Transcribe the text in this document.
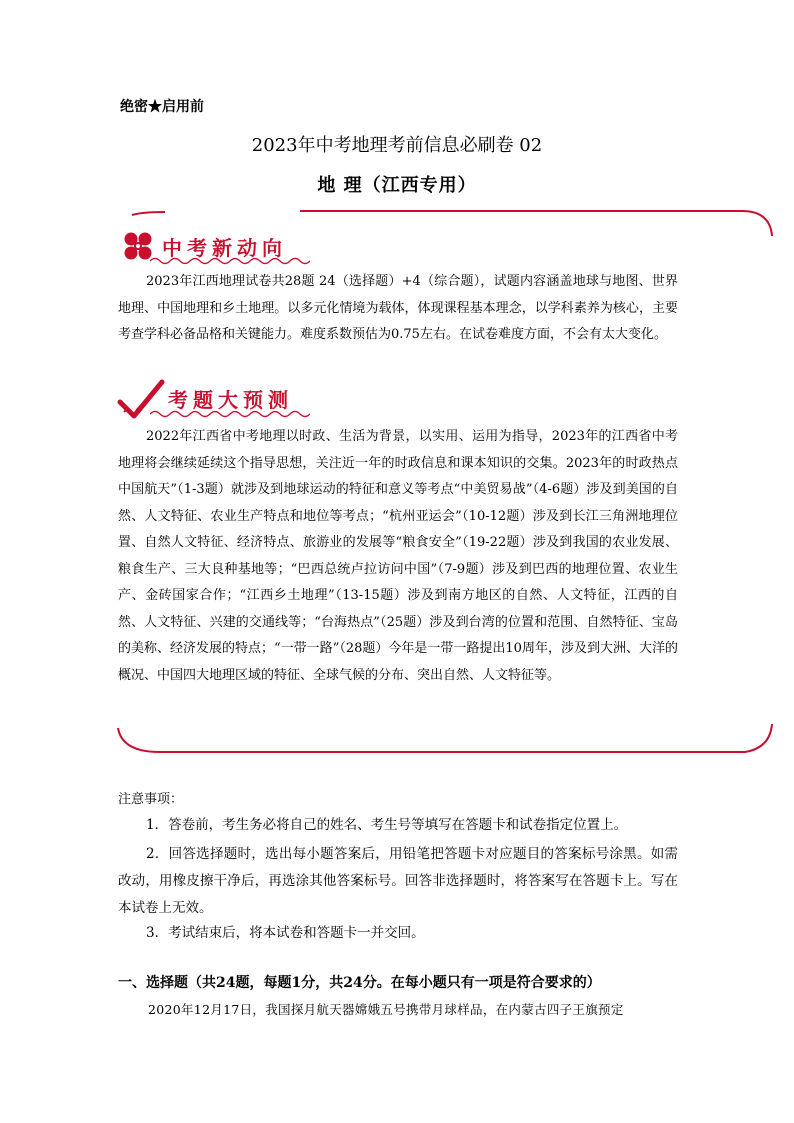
绝密★启用前
2023年中考地理考前信息必刷卷 02
地 理（江西专用）
中考新动向
2023年江西地理试卷共28题 24（选择题）+4（综合题），试题内容涵盖地球与地图、世界地理、中国地理和乡土地理。以多元化情境为载体，体现课程基本理念，以学科素养为核心，主要考查学科必备品格和关键能力。难度系数预估为0.75左右。在试卷难度方面，不会有太大变化。
考题大预测
2022年江西省中考地理以时政、生活为背景，以实用、运用为指导，2023年的江西省中考地理将会继续延续这个指导思想，关注近一年的时政信息和课本知识的交集。2023年的时政热点中国航天”（1-3题）就涉及到地球运动的特征和意义等考点“中美贸易战”（4-6题）涉及到美国的自然、人文特征、农业生产特点和地位等考点；“杭州亚运会”（10-12题）涉及到长江三角洲地理位置、自然人文特征、经济特点、旅游业的发展等“粮食安全”（19-22题）涉及到我国的农业发展、粮食生产、三大良种基地等；“巴西总统卢拉访问中国”（7-9题）涉及到巴西的地理位置、农业生产、金砖国家合作；“江西乡土地理”（13-15题）涉及到南方地区的自然、人文特征，江西的自然、人文特征、兴建的交通线等；“台海热点”（25题）涉及到台湾的位置和范围、自然特征、宝岛的美称、经济发展的特点；“一带一路”（28题）今年是一带一路提出10周年，涉及到大洲、大洋的概况、中国四大地理区域的特征、全球气候的分布、突出自然、人文特征等。
注意事项：
1．答卷前，考生务必将自己的姓名、考生号等填写在答题卡和试卷指定位置上。
2．回答选择题时，选出每小题答案后，用铅笔把答题卡对应题目的答案标号涂黑。如需改动，用橡皮擦干净后，再选涂其他答案标号。回答非选择题时，将答案写在答题卡上。写在本试卷上无效。
3．考试结束后，将本试卷和答题卡一并交回。
一、选择题（共24题，每题1分，共24分。在每小题只有一项是符合要求的）
2020年12月17日，我国探月航天器嫦娥五号携带月球样品，在内蒙古四子王旗预定
